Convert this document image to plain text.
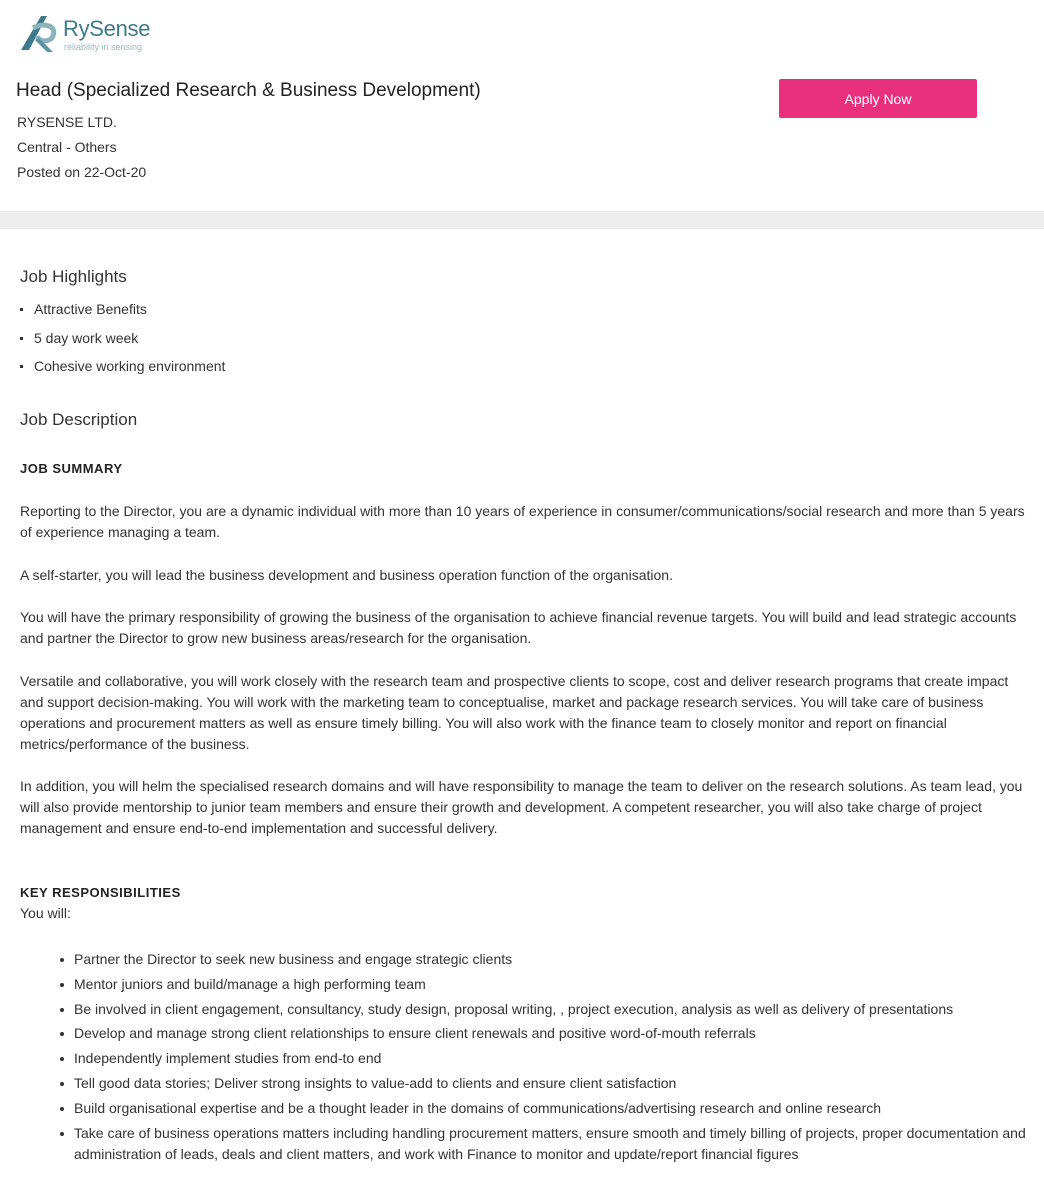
RySense
reliability in sensing
Head (Specialized Research & Business Development)
RYSENSE LTD.
Central - Others
Posted on 22-Oct-20
Apply Now
Job Highlights
Attractive Benefits
5 day work week
Cohesive working environment
Job Description
JOB SUMMARY

Reporting to the Director, you are a dynamic individual with more than 10 years of experience in consumer/communications/social research and more than 5 years of experience managing a team.

A self-starter, you will lead the business development and business operation function of the organisation.

You will have the primary responsibility of growing the business of the organisation to achieve financial revenue targets. You will build and lead strategic accounts and partner the Director to grow new business areas/research for the organisation.

Versatile and collaborative, you will work closely with the research team and prospective clients to scope, cost and deliver research programs that create impact and support decision-making. You will work with the marketing team to conceptualise, market and package research services. You will take care of business operations and procurement matters as well as ensure timely billing. You will also work with the finance team to closely monitor and report on financial metrics/performance of the business.

In addition, you will helm the specialised research domains and will have responsibility to manage the team to deliver on the research solutions. As team lead, you will also provide mentorship to junior team members and ensure their growth and development. A competent researcher, you will also take charge of project management and ensure end-to-end implementation and successful delivery.

KEY RESPONSIBILITIES
You will:
Partner the Director to seek new business and engage strategic clients
Mentor juniors and build/manage a high performing team
Be involved in client engagement, consultancy, study design, proposal writing, , project execution, analysis as well as delivery of presentations
Develop and manage strong client relationships to ensure client renewals and positive word-of-mouth referrals
Independently implement studies from end-to end
Tell good data stories; Deliver strong insights to value-add to clients and ensure client satisfaction
Build organisational expertise and be a thought leader in the domains of communications/advertising research and online research
Take care of business operations matters including handling procurement matters, ensure smooth and timely billing of projects, proper documentation and administration of leads, deals and client matters, and work with Finance to monitor and update/report financial figures
